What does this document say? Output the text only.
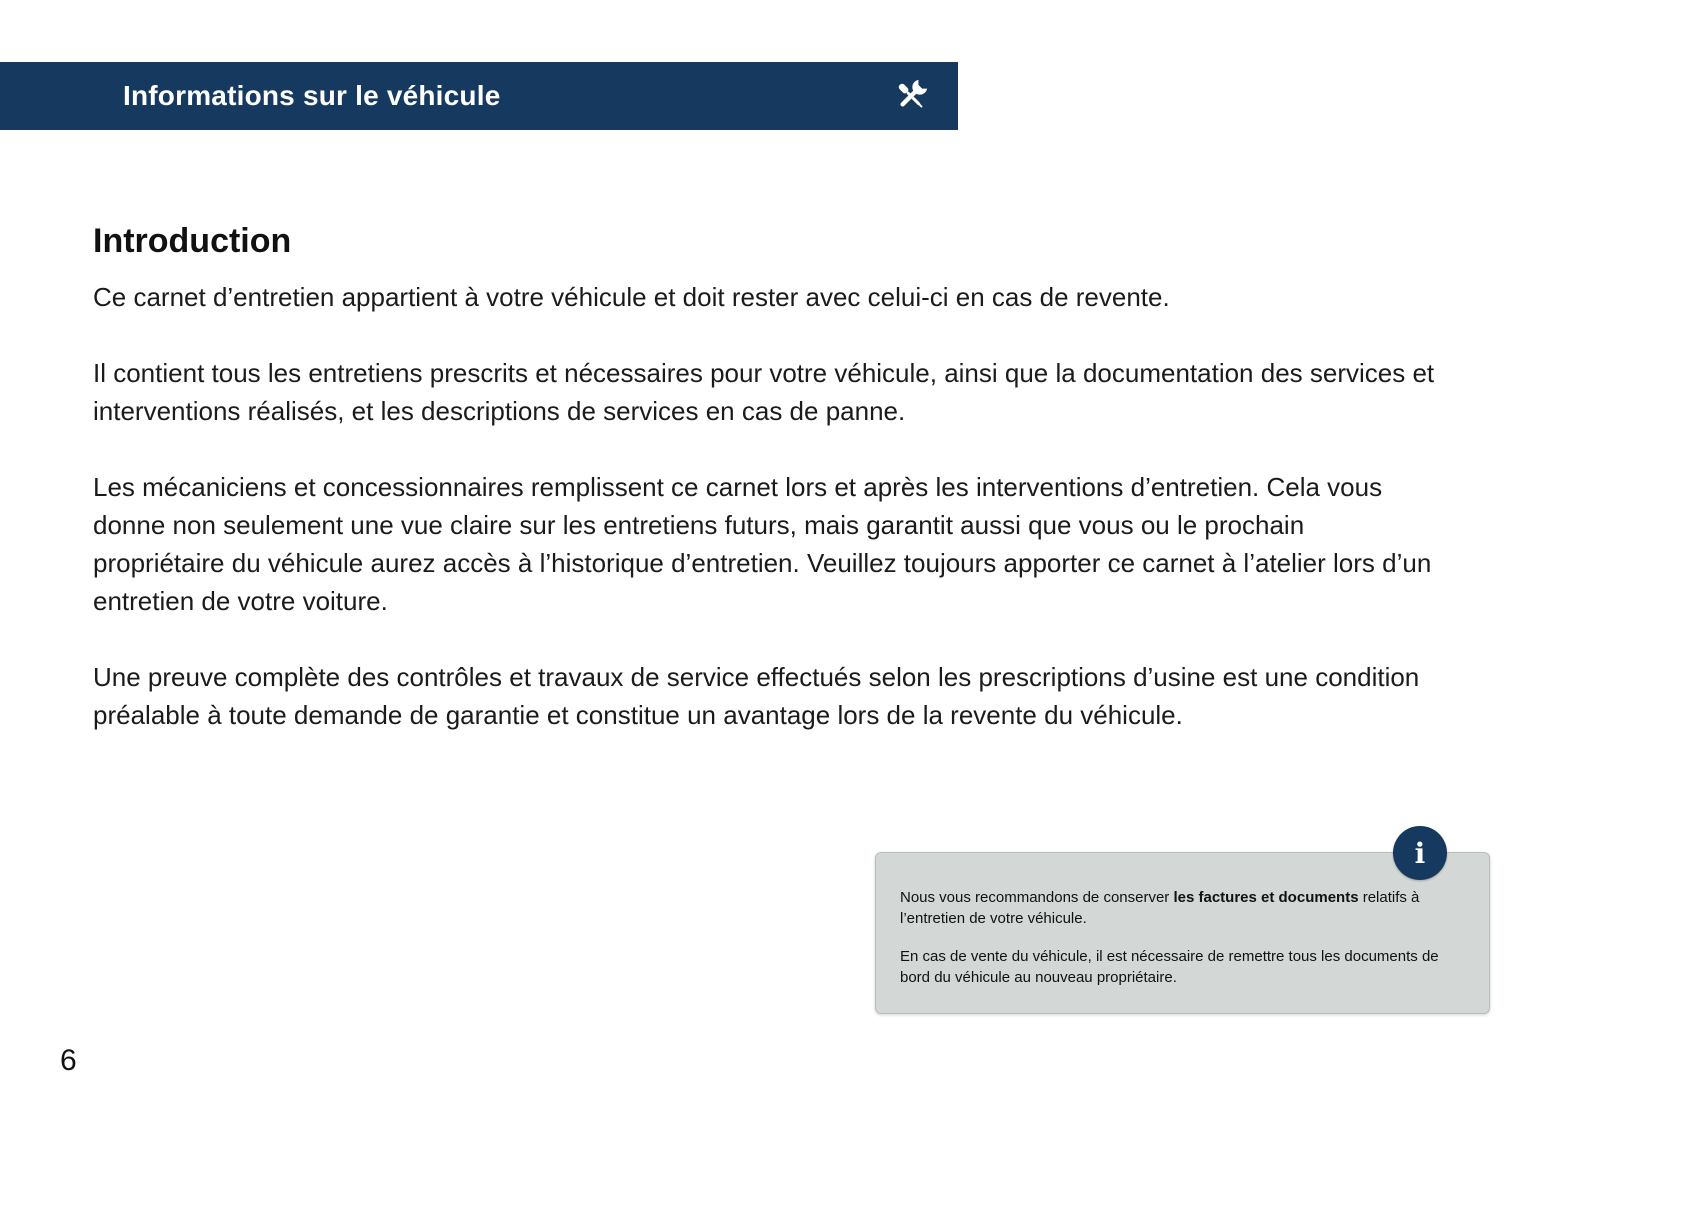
Informations sur le véhicule
Introduction

Ce carnet d’entretien appartient à votre véhicule et doit rester avec celui-ci en cas de revente.

Il contient tous les entretiens prescrits et nécessaires pour votre véhicule, ainsi que la documentation des services et interventions réalisés, et les descriptions de services en cas de panne.

Les mécaniciens et concessionnaires remplissent ce carnet lors et après les interventions d’entretien. Cela vous donne non seulement une vue claire sur les entretiens futurs, mais garantit aussi que vous ou le prochain propriétaire du véhicule aurez accès à l’historique d’entretien. Veuillez toujours apporter ce carnet à l’atelier lors d’un entretien de votre voiture.

Une preuve complète des contrôles et travaux de service effectués selon les prescriptions d’usine est une condition préalable à toute demande de garantie et constitue un avantage lors de la revente du véhicule.

i

Nous vous recommandons de conserver les factures et documents relatifs à l’entretien de votre véhicule.

En cas de vente du véhicule, il est nécessaire de remettre tous les documents de bord du véhicule au nouveau propriétaire.

6
